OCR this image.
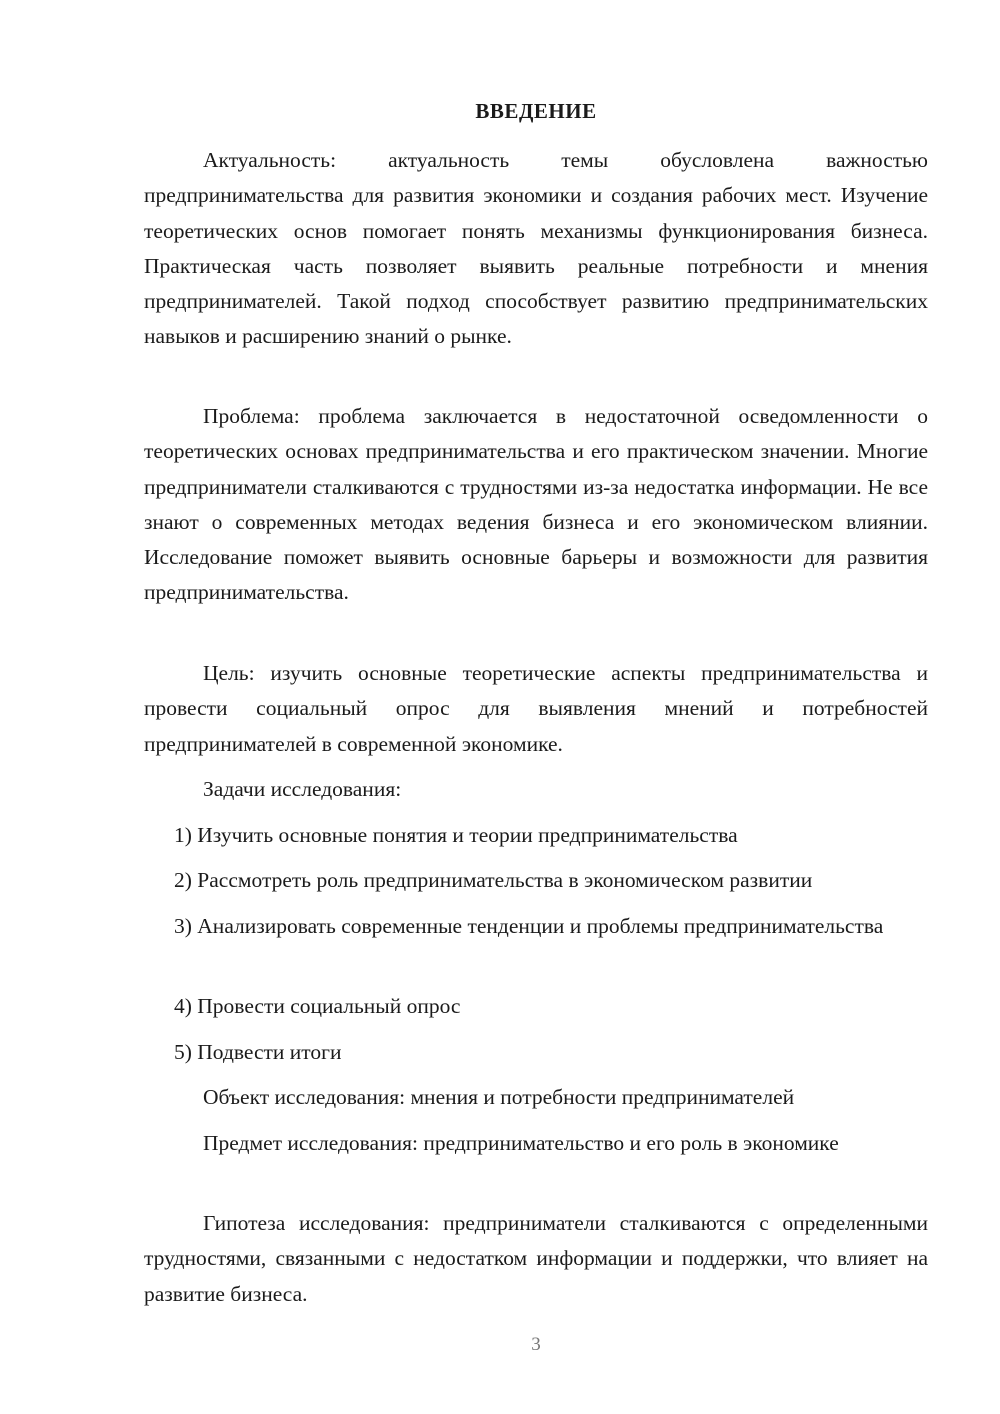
ВВЕДЕНИЕ

Актуальность: актуальность темы обусловлена важностью предпринимательства для развития экономики и создания рабочих мест. Изучение теоретических основ помогает понять механизмы функционирования бизнеса. Практическая часть позволяет выявить реальные потребности и мнения предпринимателей. Такой подход способствует развитию предпринимательских навыков и расширению знаний о рынке.

Проблема: проблема заключается в недостаточной осведомленности о теоретических основах предпринимательства и его практическом значении. Многие предприниматели сталкиваются с трудностями из-за недостатка информации. Не все знают о современных методах ведения бизнеса и его экономическом влиянии. Исследование поможет выявить основные барьеры и возможности для развития предпринимательства.

Цель: изучить основные теоретические аспекты предпринимательства и провести социальный опрос для выявления мнений и потребностей предпринимателей в современной экономике.

Задачи исследования:

1) Изучить основные понятия и теории предпринимательства

2) Рассмотреть роль предпринимательства в экономическом развитии

3) Анализировать современные тенденции и проблемы предпринимательства

4) Провести социальный опрос

5) Подвести итоги

Объект исследования: мнения и потребности предпринимателей

Предмет исследования: предпринимательство и его роль в экономике

Гипотеза исследования: предприниматели сталкиваются с определенными трудностями, связанными с недостатком информации и поддержки, что влияет на развитие бизнеса.

3
